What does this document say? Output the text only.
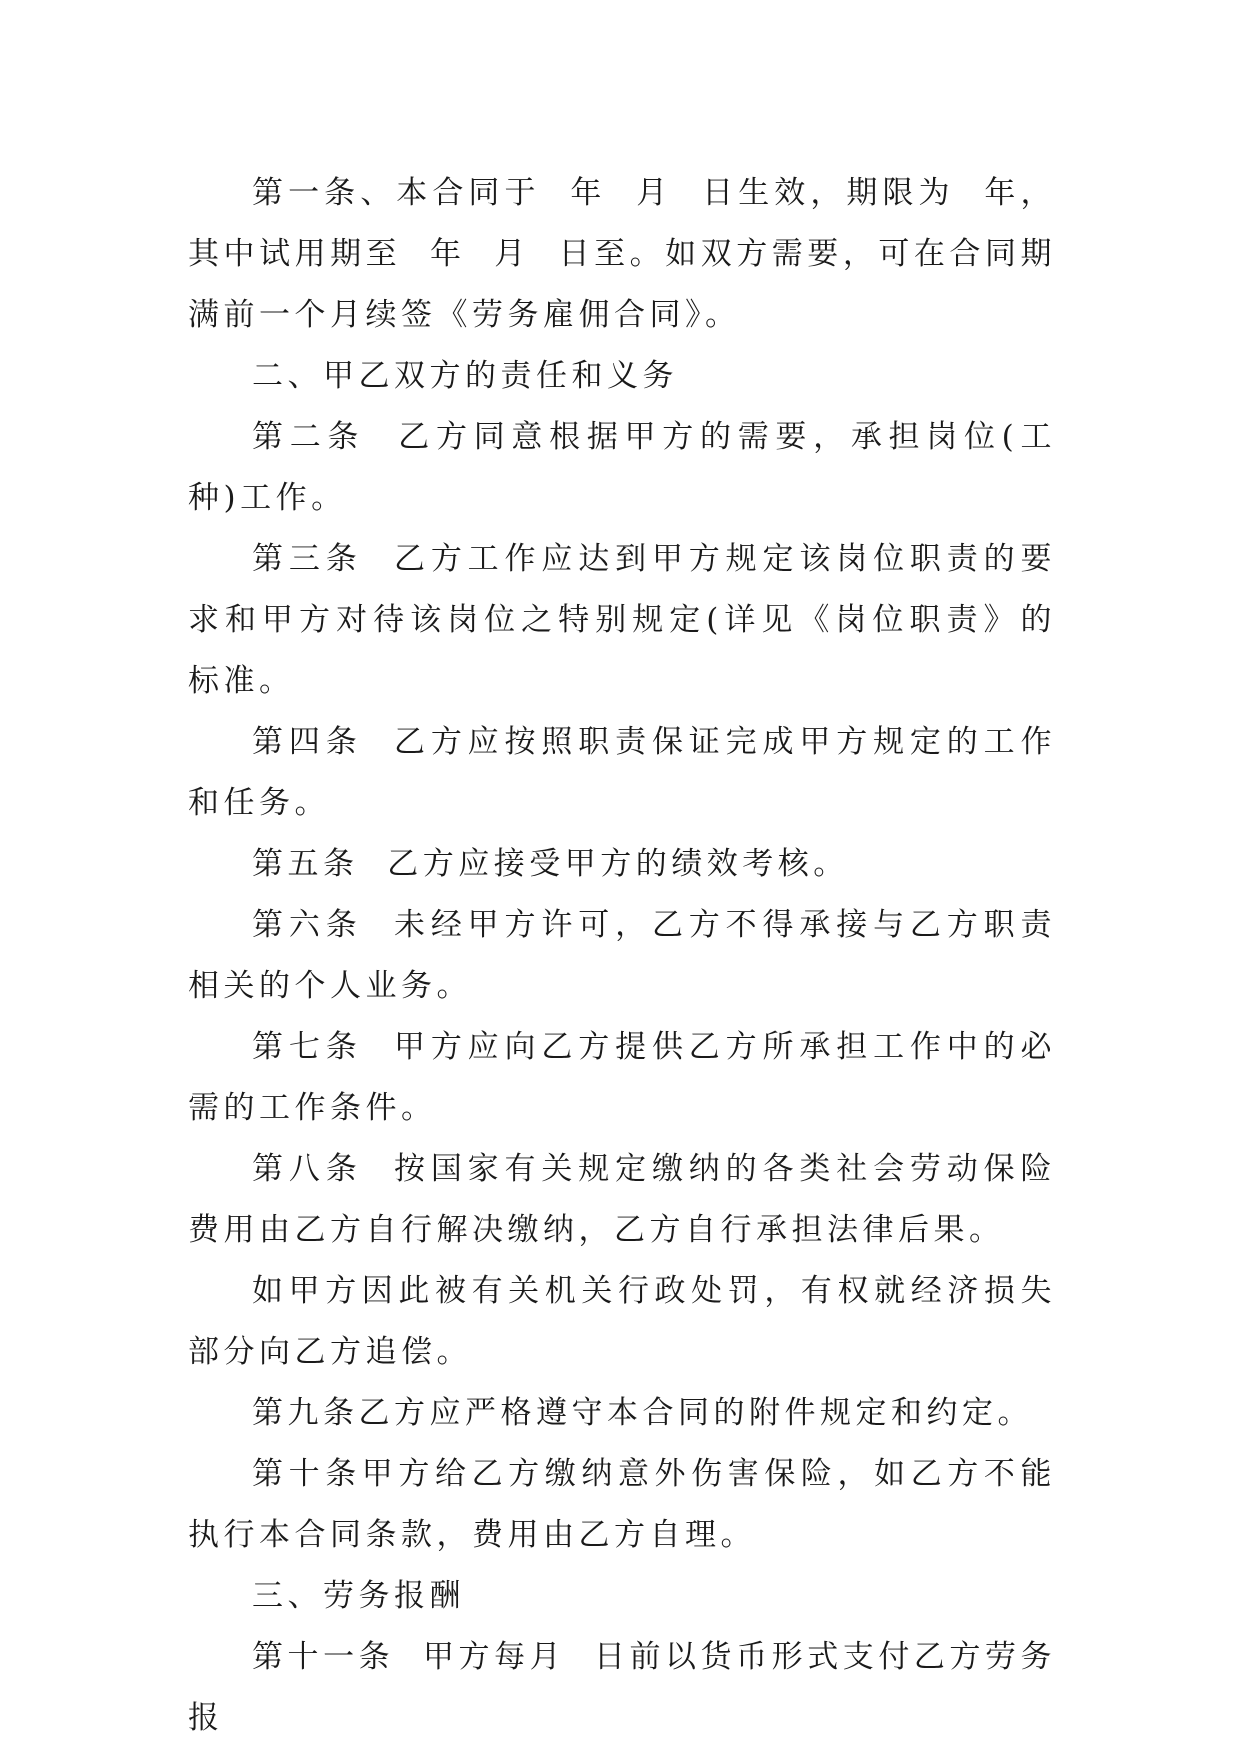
第一条、本合同于  年  月  日生效，期限为  年，其中试用期至  年  月  日至。如双方需要，可在合同期满前一个月续签《劳务雇佣合同》。

二、甲乙双方的责任和义务

第二条  乙方同意根据甲方的需要，承担岗位(工种)工作。

第三条  乙方工作应达到甲方规定该岗位职责的要求和甲方对待该岗位之特别规定(详见《岗位职责》的标准。

第四条  乙方应按照职责保证完成甲方规定的工作和任务。

第五条  乙方应接受甲方的绩效考核。

第六条  未经甲方许可，乙方不得承接与乙方职责相关的个人业务。

第七条  甲方应向乙方提供乙方所承担工作中的必需的工作条件。

第八条  按国家有关规定缴纳的各类社会劳动保险费用由乙方自行解决缴纳，乙方自行承担法律后果。

如甲方因此被有关机关行政处罚，有权就经济损失部分向乙方追偿。

第九条乙方应严格遵守本合同的附件规定和约定。

第十条甲方给乙方缴纳意外伤害保险，如乙方不能执行本合同条款，费用由乙方自理。

三、劳务报酬

第十一条  甲方每月  日前以货币形式支付乙方劳务报
